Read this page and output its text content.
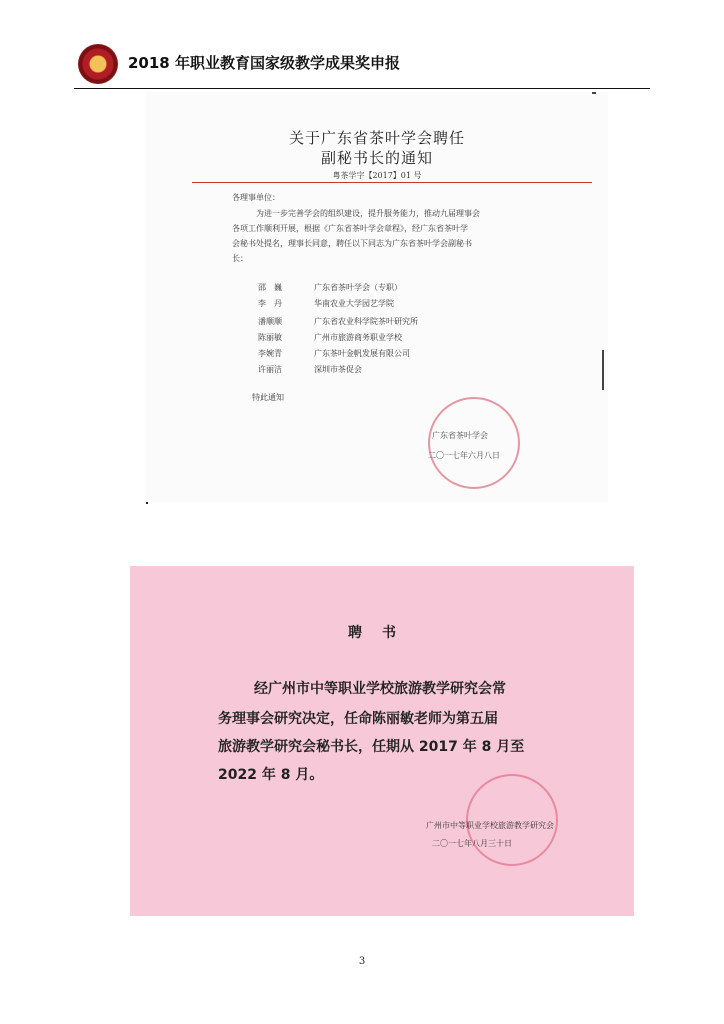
2018 年职业教育国家级教学成果奖申报
关于广东省茶叶学会聘任
副秘书长的通知
粤茶学字【2017】01 号
各理事单位：
为进一步完善学会的组织建设，提升服务能力，推动九届理事会
各项工作顺利开展，根据《广东省茶叶学会章程》，经广东省茶叶学
会秘书处提名，理事长同意，聘任以下同志为广东省茶叶学会副秘书
长：
邵　巍	广东省茶叶学会（专职）
李　丹	华南农业大学园艺学院
潘顺顺	广东省农业科学院茶叶研究所
陈丽敏	广州市旅游商务职业学校
李婉青	广东茶叶金帆发展有限公司
许丽洁	深圳市茶促会
特此通知
广东省茶叶学会
二〇一七年六月八日
聘书
经广州市中等职业学校旅游教学研究会常
务理事会研究决定，任命陈丽敏老师为第五届
旅游教学研究会秘书长，任期从 2017 年 8 月至
2022 年 8 月。
广州市中等职业学校旅游教学研究会
二〇一七年八月三十日
3
